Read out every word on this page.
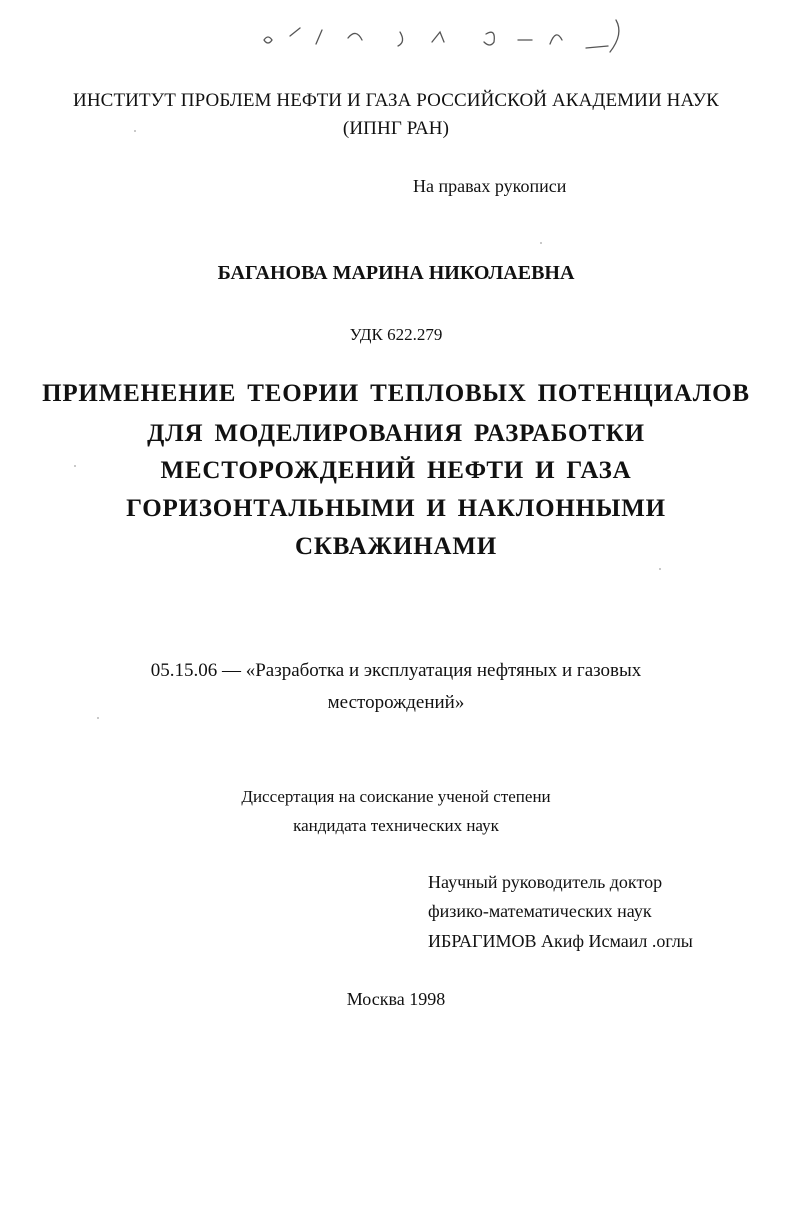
ИНСТИТУТ ПРОБЛЕМ НЕФТИ И ГАЗА РОССИЙСКОЙ АКАДЕМИИ НАУК

(ИПНГ РАН)

На правах рукописи

БАГАНОВА МАРИНА НИКОЛАЕВНА

УДК 622.279

ПРИМЕНЕНИЕ ТЕОРИИ ТЕПЛОВЫХ ПОТЕНЦИАЛОВ

ДЛЯ МОДЕЛИРОВАНИЯ РАЗРАБОТКИ

МЕСТОРОЖДЕНИЙ НЕФТИ И ГАЗА

ГОРИЗОНТАЛЬНЫМИ И НАКЛОННЫМИ

СКВАЖИНАМИ

05.15.06 — «Разработка и эксплуатация нефтяных и газовых

месторождений»

Диссертация на соискание ученой степени

кандидата технических наук

Научный руководитель доктор

физико-математических наук

ИБРАГИМОВ Акиф Исмаил .оглы

Москва 1998
